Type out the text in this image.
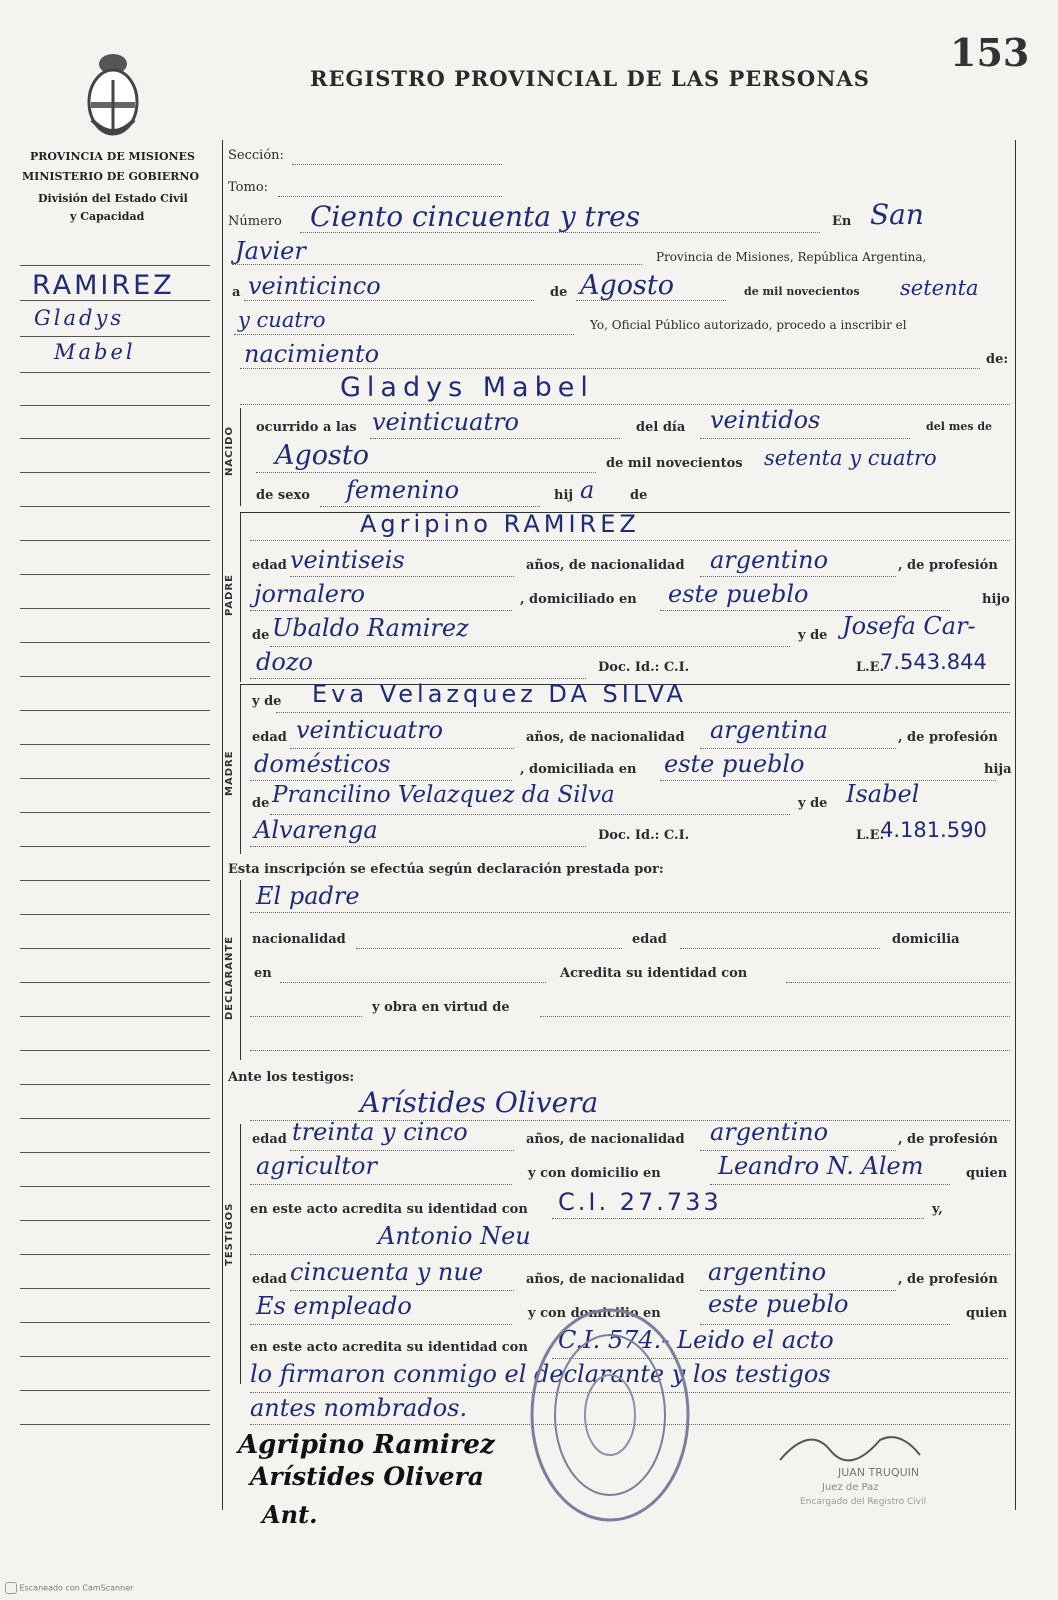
153
REGISTRO PROVINCIAL DE LAS PERSONAS
PROVINCIA DE MISIONES
MINISTERIO DE GOBIERNO
División del Estado Civil
y Capacidad
RAMIREZ
Gladys
Mabel
Sección:
Tomo:
Número Ciento cincuenta y tres	En San
Javier	Provincia de Misiones, República Argentina,
a veinticinco	de Agosto	de mil novecientos setenta
y cuatro	Yo, Oficial Público autorizado, procedo a inscribir el
nacimiento	de:
Gladys Mabel
NACIDO ocurrido a las veinticuatro	del día veintidos	del mes de
Agosto	de mil novecientos setenta y cuatro
de sexo femenino	hij a	de
PADRE
Agripino RAMIREZ
edad veintiseis	años, de nacionalidad argentino	, de profesión
jornalero	, domiciliado en este pueblo	hijo
de Ubaldo Ramirez	y de Josefa Car-
dozo	Doc. Id.: C.I.	L.E.
7.543.844
MADRE
y de Eva Velazquez DA SILVA
edad veinticuatro	años, de nacionalidad argentina	, de profesión
domésticos	, domiciliada en este pueblo	hija
de Prancilino Velazquez da Silva	y de Isabel
Alvarenga	Doc. Id.: C.I.	L.E.
4.181.590
Esta inscripción se efectúa según declaración prestada por:
El padre
DECLARANTE nacionalidad	edad	domicilia
en	Acredita su identidad con
y obra en virtud de
Ante los testigos:
Arístides Olivera
TESTIGOS
edad treinta y cinco	años, de nacionalidad argentino	, de profesión
agricultor	y con domicilio en Leandro N. Alem	quien
en este acto acredita su identidad con C.I. 27.733	y,
Antonio Neu
edad cincuenta y nue	años, de nacionalidad argentino	, de profesión
Es empleado	y con domicilio en este pueblo	quien
en este acto acredita su identidad con C.I. 574.- Leido el acto
lo firmaron conmigo el declarante y los testigos
antes nombrados.
Agripino Ramirez
Arístides Olivera
Ant.
JUAN TRUQUIN
Juez de Paz
Encargado del Registro Civil
Escaneado con CamScanner
